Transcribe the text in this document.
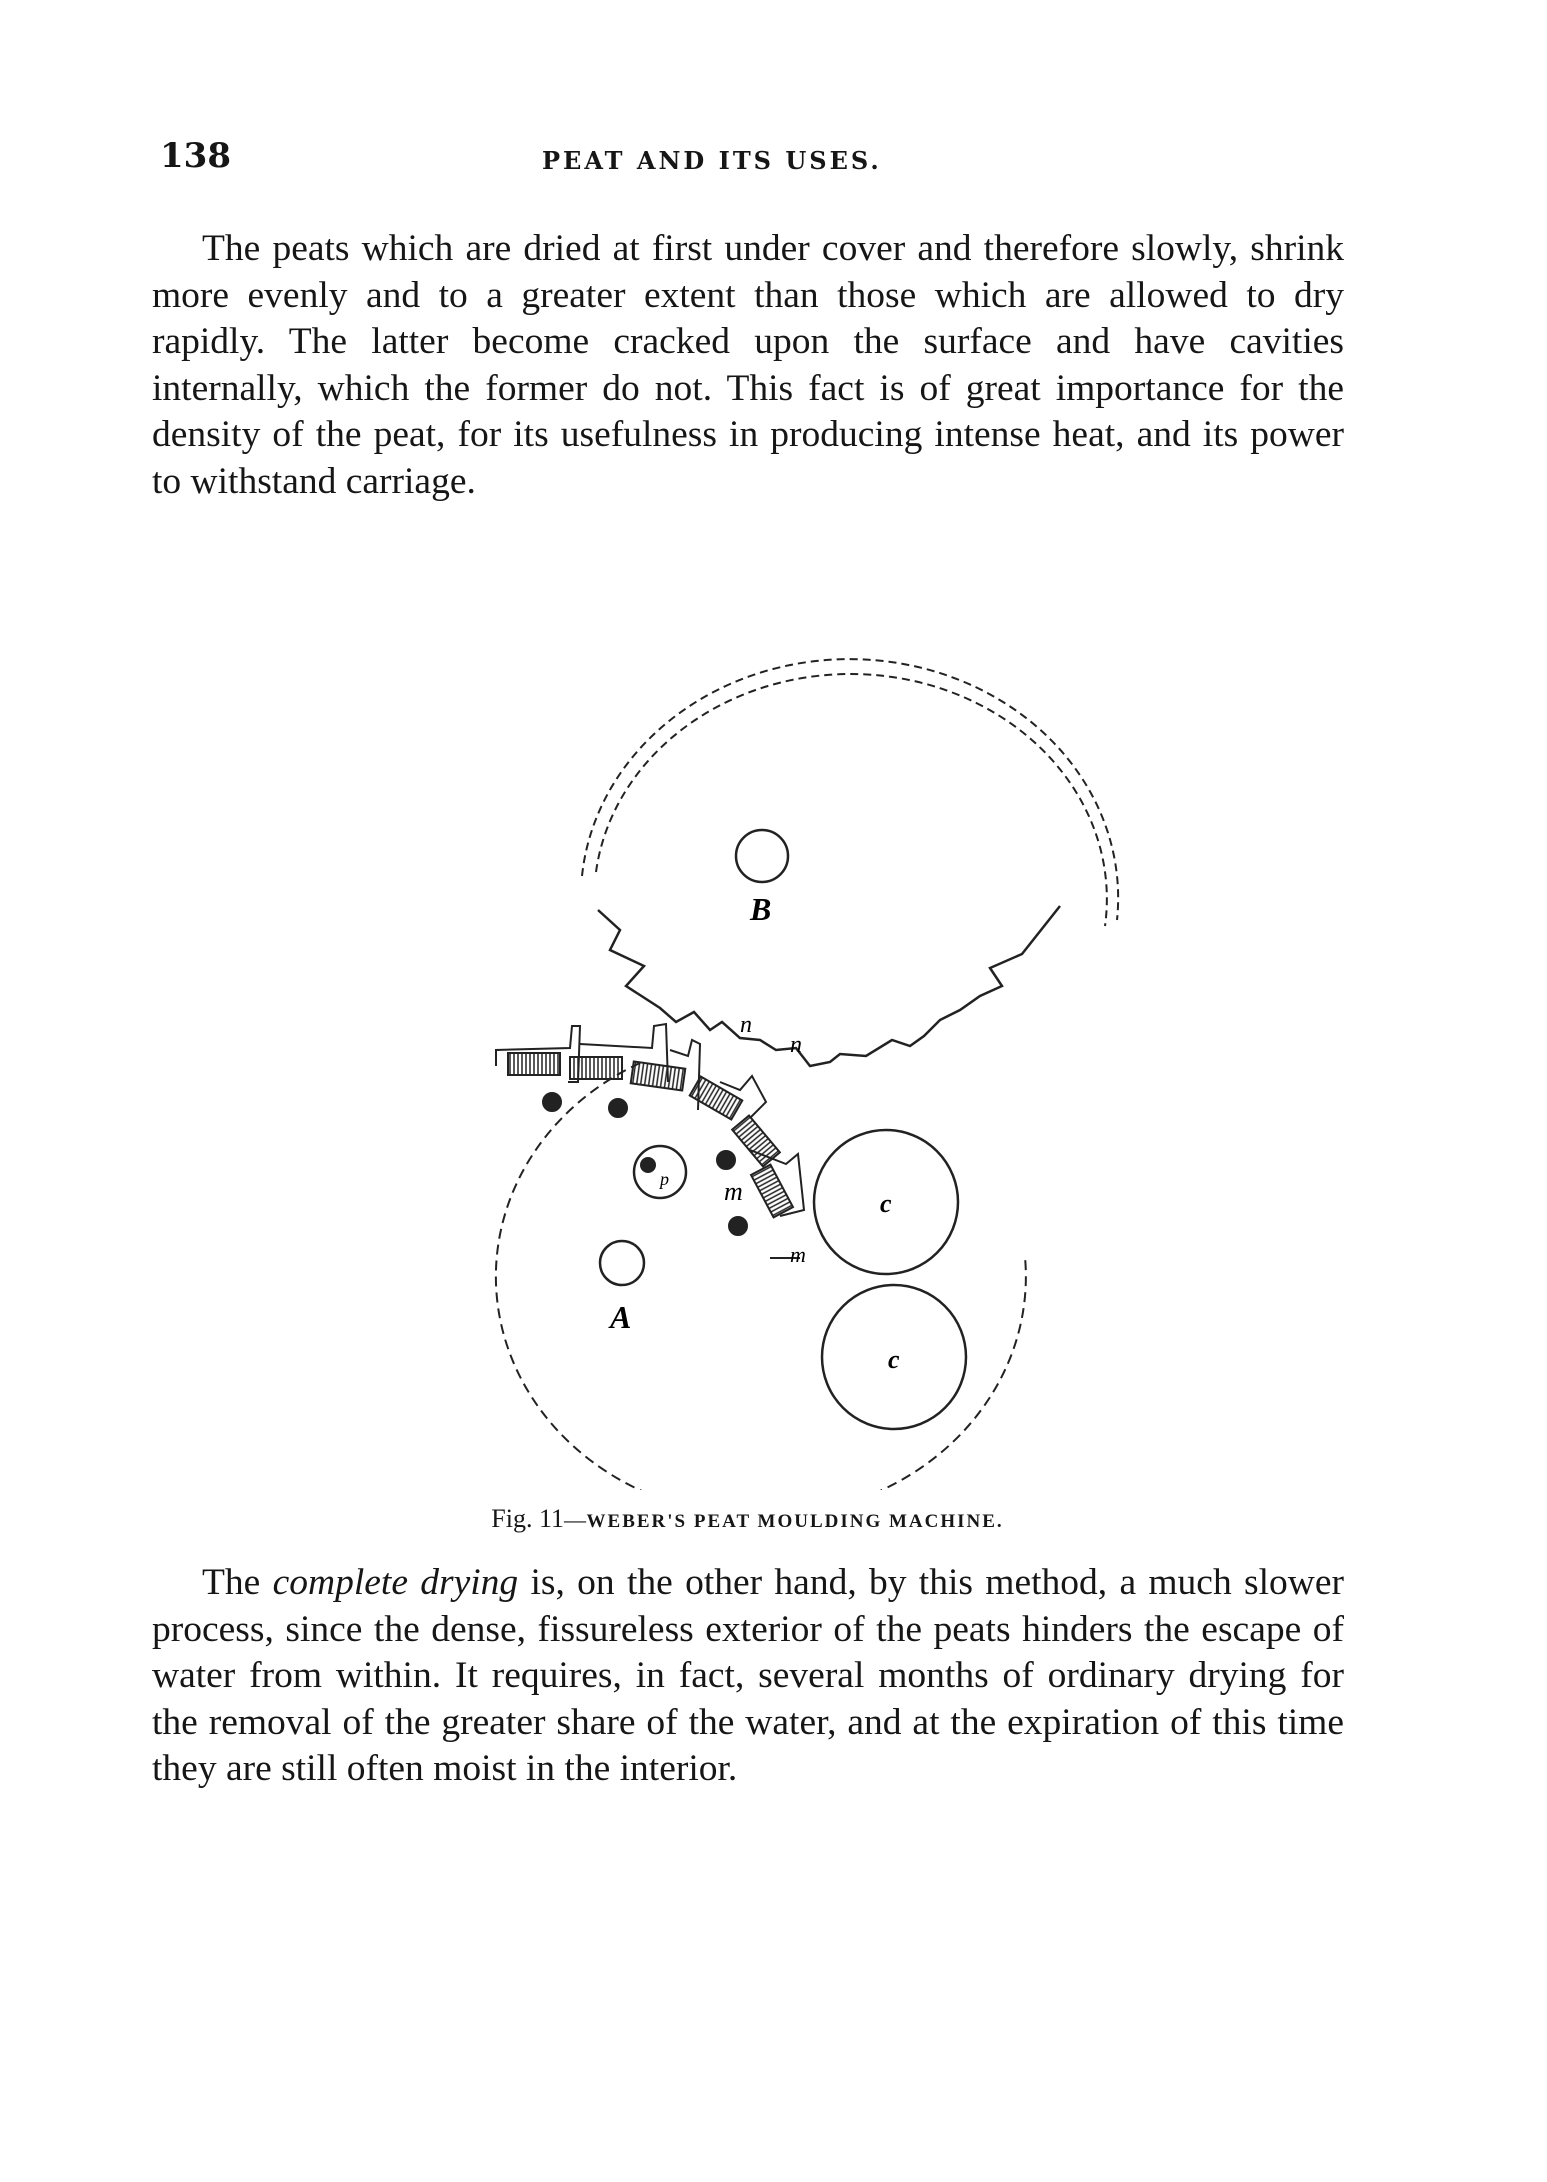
138	PEAT AND ITS USES.

The peats which are dried at first under cover and therefore slowly, shrink more evenly and to a greater extent than those which are allowed to dry rapidly. The latter become cracked upon the surface and have cavities internally, which the former do not. This fact is of great importance for the density of the peat, for its usefulness in producing intense heat, and its power to withstand carriage.

B
A
p
c
c
n
n
m
m
Fig. 11—WEBER'S PEAT MOULDING MACHINE.

The complete drying is, on the other hand, by this method, a much slower process, since the dense, fissureless exterior of the peats hinders the escape of water from within. It requires, in fact, several months of ordinary drying for the removal of the greater share of the water, and at the expiration of this time they are still often moist in the interior.
